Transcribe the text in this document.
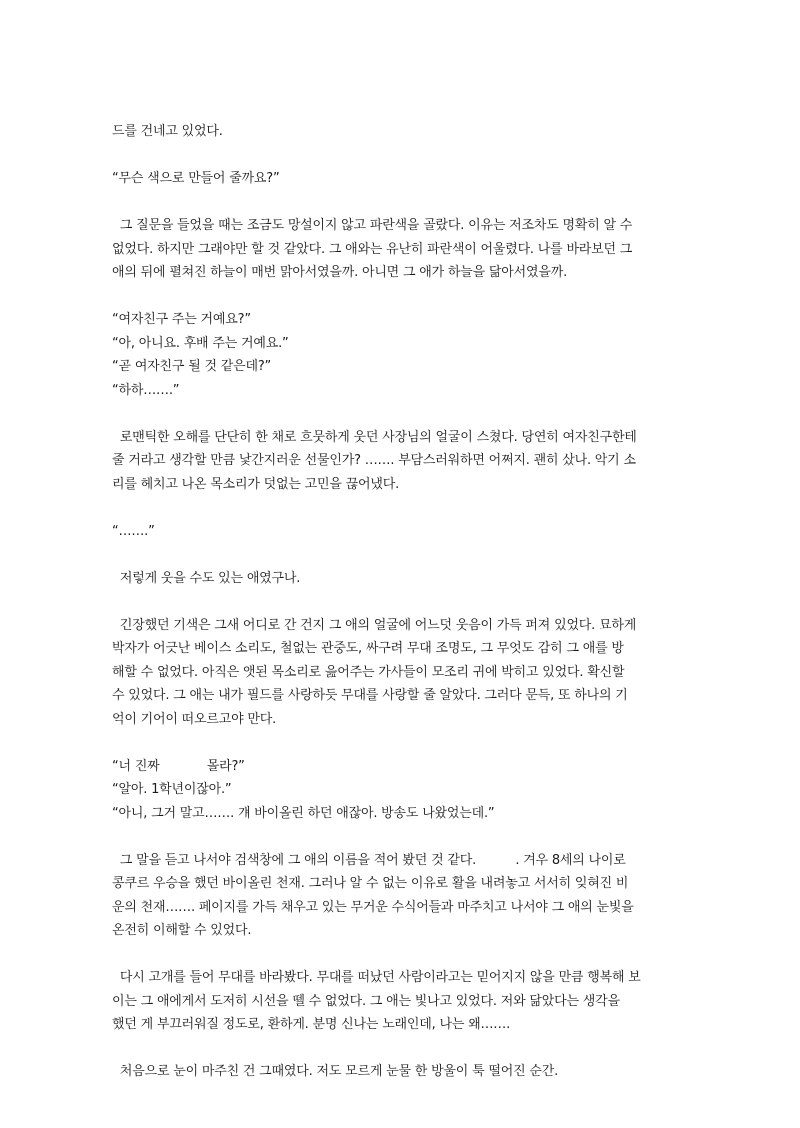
드를 건네고 있었다.
“무슨 색으로 만들어 줄까요?”
그 질문을 들었을 때는 조금도 망설이지 않고 파란색을 골랐다. 이유는 저조차도 명확히 알 수
없었다. 하지만 그래야만 할 것 같았다. 그 애와는 유난히 파란색이 어울렸다. 나를 바라보던 그
애의 뒤에 펼쳐진 하늘이 매번 맑아서였을까. 아니면 그 애가 하늘을 닮아서였을까.
“여자친구 주는 거예요?”
“아, 아니요. 후배 주는 거예요.”
“곧 여자친구 될 것 같은데?”
“하하…….”
로맨틱한 오해를 단단히 한 채로 흐뭇하게 웃던 사장님의 얼굴이 스쳤다. 당연히 여자친구한테
줄 거라고 생각할 만큼 낯간지러운 선물인가? ……. 부담스러워하면 어쩌지. 괜히 샀나. 악기 소
리를 헤치고 나온 목소리가 덧없는 고민을 끊어냈다.
“…….”
저렇게 웃을 수도 있는 애였구나.
긴장했던 기색은 그새 어디로 간 건지 그 애의 얼굴에 어느덧 웃음이 가득 퍼져 있었다. 묘하게
박자가 어긋난 베이스 소리도, 철없는 관중도, 싸구려 무대 조명도, 그 무엇도 감히 그 애를 방
해할 수 없었다. 아직은 앳된 목소리로 읊어주는 가사들이 모조리 귀에 박히고 있었다. 확신할
수 있었다. 그 애는 내가 필드를 사랑하듯 무대를 사랑할 줄 알았다. 그러다 문득, 또 하나의 기
억이 기어이 떠오르고야 만다.
“너 진짜            몰라?”
“알아. 1학년이잖아.”
“아니, 그거 말고……. 걔 바이올린 하던 애잖아. 방송도 나왔었는데.”
그 말을 듣고 나서야 검색창에 그 애의 이름을 적어 봤던 것 같다.          . 겨우 8세의 나이로
콩쿠르 우승을 했던 바이올린 천재. 그러나 알 수 없는 이유로 활을 내려놓고 서서히 잊혀진 비
운의 천재……. 페이지를 가득 채우고 있는 무거운 수식어들과 마주치고 나서야 그 애의 눈빛을
온전히 이해할 수 있었다.
다시 고개를 들어 무대를 바라봤다. 무대를 떠났던 사람이라고는 믿어지지 않을 만큼 행복해 보
이는 그 애에게서 도저히 시선을 뗄 수 없었다. 그 애는 빛나고 있었다. 저와 닮았다는 생각을
했던 게 부끄러워질 정도로, 환하게. 분명 신나는 노래인데, 나는 왜…….
처음으로 눈이 마주친 건 그때였다. 저도 모르게 눈물 한 방울이 툭 떨어진 순간.
